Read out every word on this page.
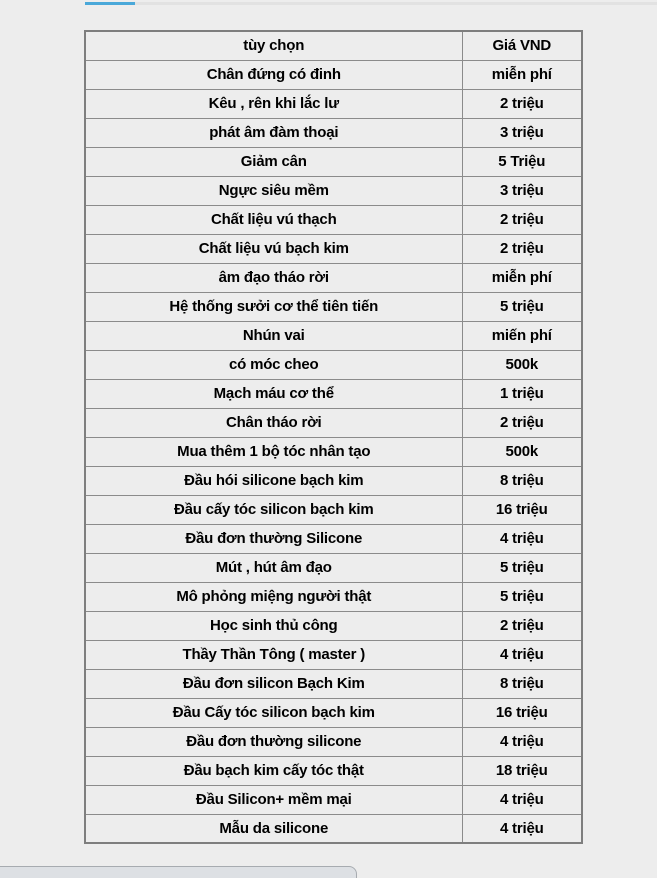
tùy chọn	Giá VND
Chân đứng có đinh	miễn phí
Kêu , rên khi lắc lư	2 triệu
phát âm đàm thoại	3 triệu
Giảm cân	5 Triệu
Ngực siêu mềm	3 triệu
Chất liệu vú thạch	2 triệu
Chất liệu vú bạch kim	2 triệu
âm đạo tháo rời	miễn phí
Hệ thống sưởi cơ thể tiên tiến	5 triệu
Nhún vai	miến phí
có móc cheo	500k
Mạch máu cơ thể	1 triệu
Chân tháo rời	2 triệu
Mua thêm 1 bộ tóc nhân tạo	500k
Đầu hói silicone bạch kim	8 triệu
Đầu cấy tóc silicon bạch kim	16 triệu
Đầu đơn thường Silicone	4 triệu
Mút , hút âm đạo	5 triệu
Mô phỏng miệng người thật	5 triệu
Học sinh thủ công	2 triệu
Thầy Thần Tông ( master )	4 triệu
Đầu đơn silicon Bạch Kim	8 triệu
Đầu Cấy tóc silicon bạch kim	16 triệu
Đầu đơn thường silicone	4 triệu
Đầu bạch kim cấy tóc thật	18 triệu
Đầu Silicon+ mềm mại	4 triệu
Mẫu da silicone	4 triệu
